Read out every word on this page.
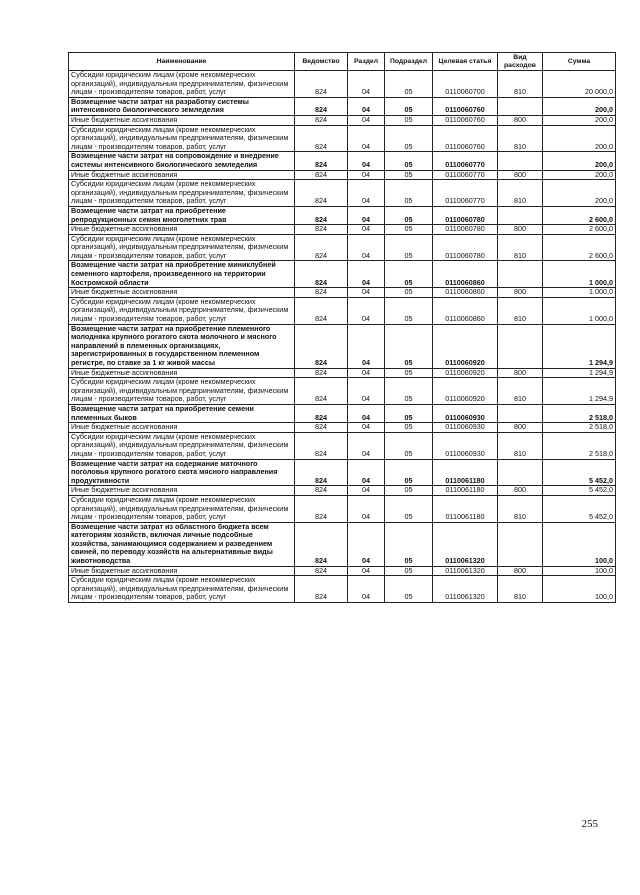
Наименование	Ведомство	Раздел	Подраздел	Целевая статья	Вид расходов	Сумма
Субсидии юридическим лицам (кроме некоммерческих организаций), индивидуальным предпринимателям, физическим лицам - производителям товаров, работ, услуг	824	04	05	0110060700	810	20 000,0
Возмещение части затрат на разработку системы интенсивного биологического земледелия	824	04	05	0110060760		200,0
Иные бюджетные ассигнования	824	04	05	0110060760	800	200,0
Субсидии юридическим лицам (кроме некоммерческих организаций), индивидуальным предпринимателям, физическим лицам - производителям товаров, работ, услуг	824	04	05	0110060760	810	200,0
Возмещение части затрат на сопровождение и внедрение системы интенсивного биологического земледелия	824	04	05	0110060770		200,0
Иные бюджетные ассигнования	824	04	05	0110060770	800	200,0
Субсидии юридическим лицам (кроме некоммерческих организаций), индивидуальным предпринимателям, физическим лицам - производителям товаров, работ, услуг	824	04	05	0110060770	810	200,0
Возмещение части затрат на приобретение репродукционных семян многолетних трав	824	04	05	0110060780		2 600,0
Иные бюджетные ассигнования	824	04	05	0110060780	800	2 600,0
Субсидии юридическим лицам (кроме некоммерческих организаций), индивидуальным предпринимателям, физическим лицам - производителям товаров, работ, услуг	824	04	05	0110060780	810	2 600,0
Возмещение части затрат на приобретение миниклубней семенного картофеля, произведенного на территории Костромской области	824	04	05	0110060860		1 000,0
Иные бюджетные ассигнования	824	04	05	0110060860	800	1 000,0
Субсидии юридическим лицам (кроме некоммерческих организаций), индивидуальным предпринимателям, физическим лицам - производителям товаров, работ, услуг	824	04	05	0110060860	810	1 000,0
Возмещение части затрат на приобретение племенного молодняка крупного рогатого скота молочного и мясного направлений в племенных организациях, зарегистрированных в государственном племенном регистре, по ставке за 1 кг живой массы	824	04	05	0110060920		1 294,9
Иные бюджетные ассигнования	824	04	05	0110060920	800	1 294,9
Субсидии юридическим лицам (кроме некоммерческих организаций), индивидуальным предпринимателям, физическим лицам - производителям товаров, работ, услуг	824	04	05	0110060920	810	1 294,9
Возмещение части затрат на приобретение семени племенных быков	824	04	05	0110060930		2 518,0
Иные бюджетные ассигнования	824	04	05	0110060930	800	2 518,0
Субсидии юридическим лицам (кроме некоммерческих организаций), индивидуальным предпринимателям, физическим лицам - производителям товаров, работ, услуг	824	04	05	0110060930	810	2 518,0
Возмещение части затрат на содержание маточного поголовья крупного рогатого скота мясного направления продуктивности	824	04	05	0110061180		5 452,0
Иные бюджетные ассигнования	824	04	05	0110061180	800	5 452,0
Субсидии юридическим лицам (кроме некоммерческих организаций), индивидуальным предпринимателям, физическим лицам - производителям товаров, работ, услуг	824	04	05	0110061180	810	5 452,0
Возмещение части затрат из областного бюджета всем категориям хозяйств, включая личные подсобные хозяйства, занимающимся содержанием и разведением свиней, по переводу хозяйств на альтернативные виды животноводства	824	04	05	0110061320		100,0
Иные бюджетные ассигнования	824	04	05	0110061320	800	100,0
Субсидии юридическим лицам (кроме некоммерческих организаций), индивидуальным предпринимателям, физическим лицам - производителям товаров, работ, услуг	824	04	05	0110061320	810	100,0
255
